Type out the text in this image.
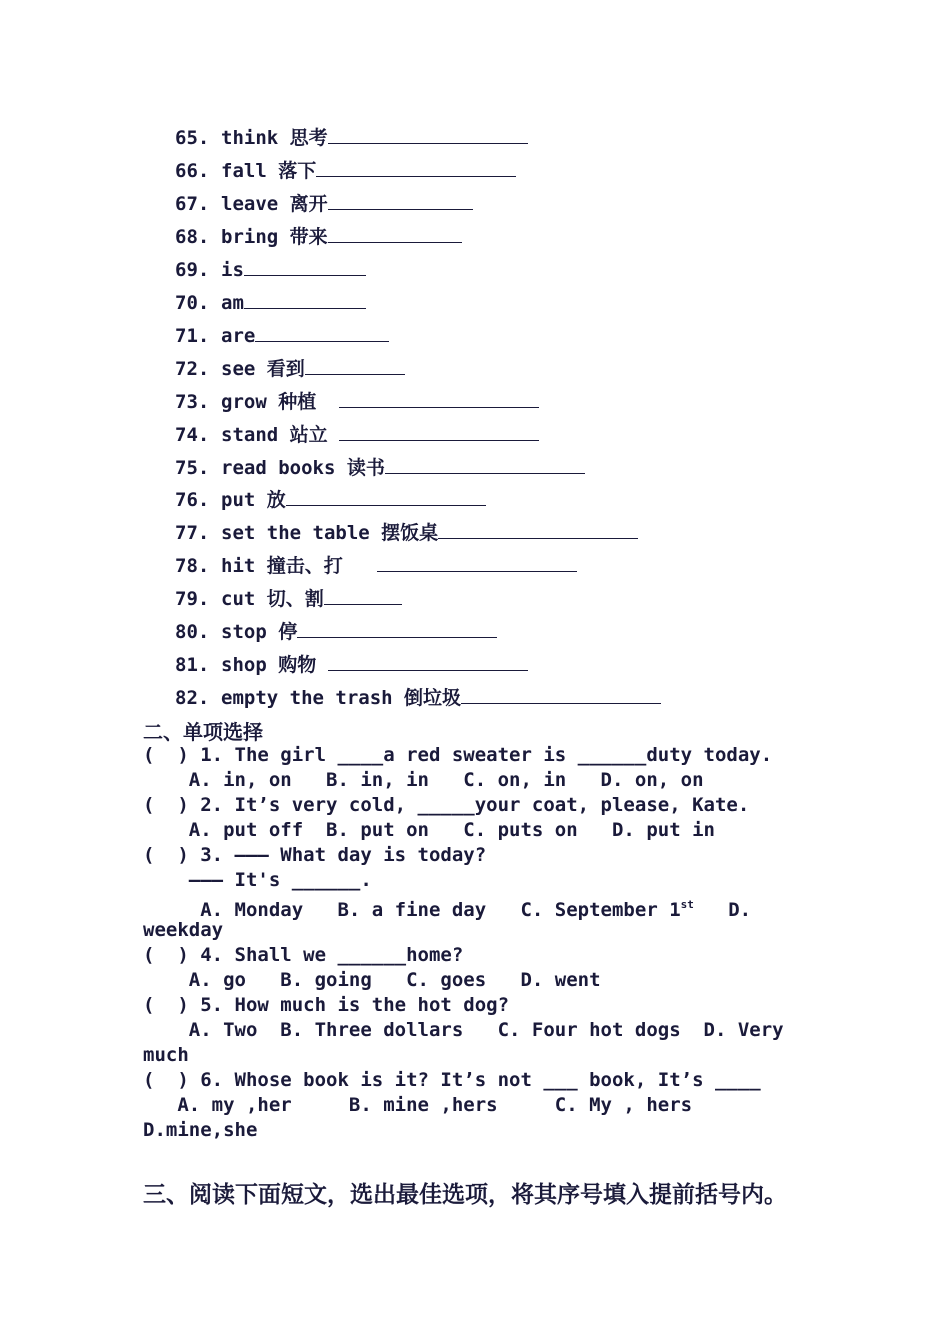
65. think 思考
66. fall 落下
67. leave 离开
68. bring 带来
69. is
70. am
71. are
72. see 看到
73. grow 种植
74. stand 站立
75. read books 读书
76. put 放
77. set the table 摆饭桌
78. hit 撞击、打
79. cut 切、割
80. stop 停
81. shop 购物
82. empty the trash 倒垃圾
二、单项选择
(  ) 1. The girl ____a red sweater is ______duty today.
A. in, on   B. in, in   C. on, in   D. on, on
(  ) 2. It’s very cold, _____your coat, please, Kate.
A. put off  B. put on   C. puts on   D. put in
(  ) 3. ——— What day is today?
——— It's ______.
A. Monday   B. a fine day   C. September 1st   D.
weekday
(  ) 4. Shall we ______home?
A. go   B. going   C. goes   D. went
(  ) 5. How much is the hot dog?
A. Two  B. Three dollars   C. Four hot dogs  D. Very
much
(  ) 6. Whose book is it? It’s not ___ book, It’s ____
A. my ,her     B. mine ,hers     C. My , hers
D.mine,she
三、阅读下面短文，选出最佳选项，将其序号填入提前括号内。
